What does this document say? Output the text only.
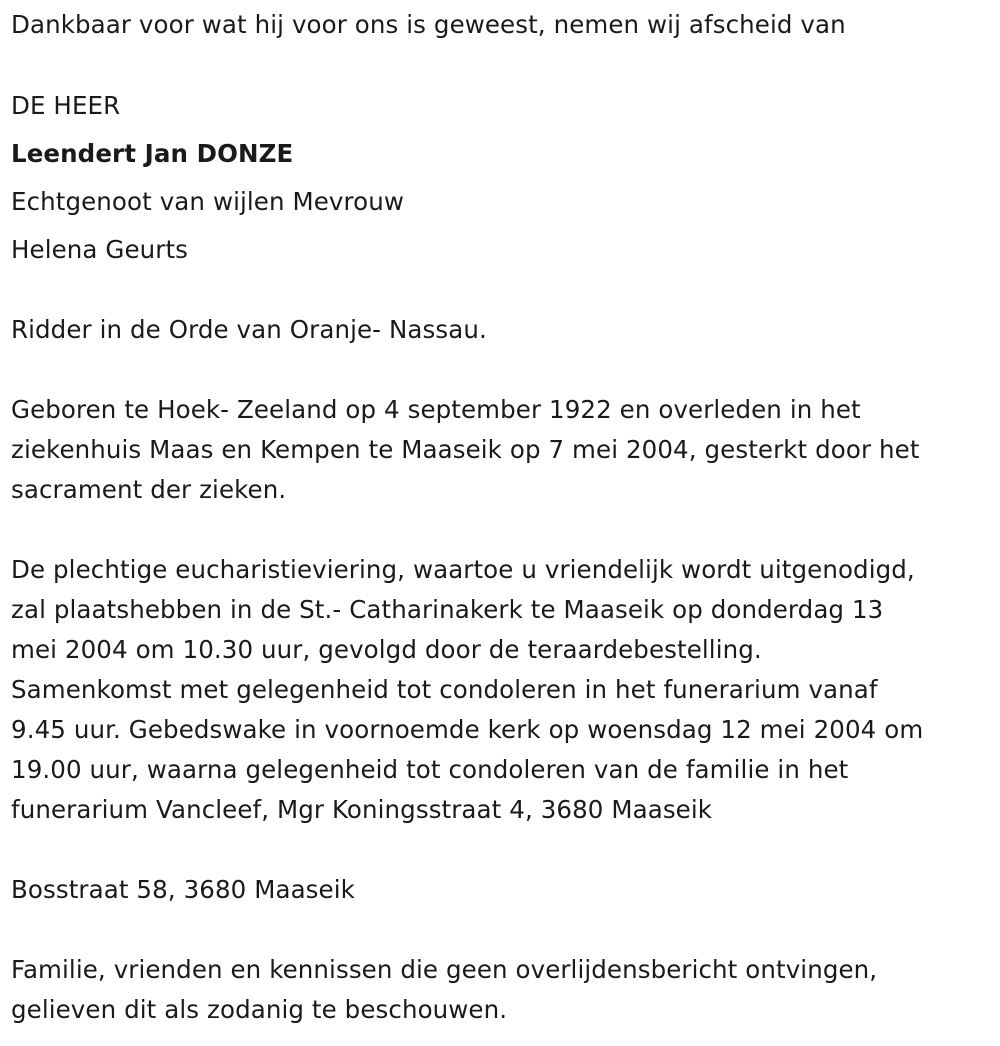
Dankbaar voor wat hij voor ons is geweest, nemen wij afscheid van
DE HEER
Leendert Jan DONZE
Echtgenoot van wijlen Mevrouw
Helena Geurts
Ridder in de Orde van Oranje- Nassau.
Geboren te Hoek- Zeeland op 4 september 1922 en overleden in het
ziekenhuis Maas en Kempen te Maaseik op 7 mei 2004, gesterkt door het
sacrament der zieken.
De plechtige eucharistieviering, waartoe u vriendelijk wordt uitgenodigd,
zal plaatshebben in de St.- Catharinakerk te Maaseik op donderdag 13
mei 2004 om 10.30 uur, gevolgd door de teraardebestelling.
Samenkomst met gelegenheid tot condoleren in het funerarium vanaf
9.45 uur. Gebedswake in voornoemde kerk op woensdag 12 mei 2004 om
19.00 uur, waarna gelegenheid tot condoleren van de familie in het
funerarium Vancleef, Mgr Koningsstraat 4, 3680 Maaseik
Bosstraat 58, 3680 Maaseik
Familie, vrienden en kennissen die geen overlijdensbericht ontvingen,
gelieven dit als zodanig te beschouwen.
